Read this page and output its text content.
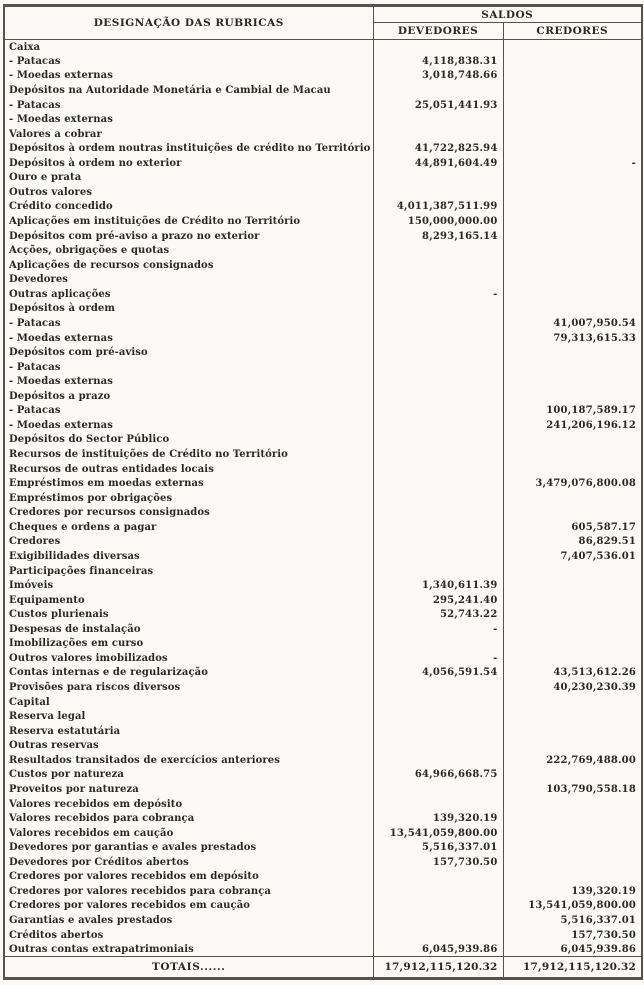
DESIGNAÇÃO DAS RUBRICAS	SALDOS	
	DEVEDORES	CREDORES
Caixa		
- Patacas	4,118,838.31	
- Moedas externas	3,018,748.66	
Depósitos na Autoridade Monetária e Cambial de Macau		
- Patacas	25,051,441.93	
- Moedas externas		
Valores a cobrar		
Depósitos à ordem noutras instituições de crédito no Território	41,722,825.94	
Depósitos à ordem no exterior	44,891,604.49	-
Ouro e prata		
Outros valores		
Crédito concedido	4,011,387,511.99	
Aplicações em instituições de Crédito no Território	150,000,000.00	
Depósitos com pré-aviso a prazo no exterior	8,293,165.14	
Acções, obrigações e quotas		
Aplicações de recursos consignados		
Devedores		
Outras aplicações	-	
Depósitos à ordem		
- Patacas		41,007,950.54
- Moedas externas		79,313,615.33
Depósitos com pré-aviso		
- Patacas		
- Moedas externas		
Depósitos a prazo		
- Patacas		100,187,589.17
- Moedas externas		241,206,196.12
Depósitos do Sector Público		
Recursos de instituições de Crédito no Território		
Recursos de outras entidades locais		
Empréstimos em moedas externas		3,479,076,800.08
Empréstimos por obrigações		
Credores por recursos consignados		
Cheques e ordens a pagar		605,587.17
Credores		86,829.51
Exigibilidades diversas		7,407,536.01
Participações financeiras		
Imóveis	1,340,611.39	
Equipamento	295,241.40	
Custos plurienais	52,743.22	
Despesas de instalação	-	
Imobilizações em curso		
Outros valores imobilizados	-	
Contas internas e de regularização	4,056,591.54	43,513,612.26
Provisões para riscos diversos		40,230,230.39
Capital		
Reserva legal		
Reserva estatutária		
Outras reservas		
Resultados transitados de exercícios anteriores		222,769,488.00
Custos por natureza	64,966,668.75	
Proveitos por natureza		103,790,558.18
Valores recebidos em depósito		
Valores recebidos para cobrança	139,320.19	
Valores recebidos em caução	13,541,059,800.00	
Devedores por garantias e avales prestados	5,516,337.01	
Devedores por Créditos abertos	157,730.50	
Credores por valores recebidos em depósito		
Credores por valores recebidos para cobrança		139,320.19
Credores por valores recebidos em caução		13,541,059,800.00
Garantias e avales prestados		5,516,337.01
Créditos abertos		157,730.50
Outras contas extrapatrimoniais	6,045,939.86	6,045,939.86
TOTAIS......	17,912,115,120.32	17,912,115,120.32
